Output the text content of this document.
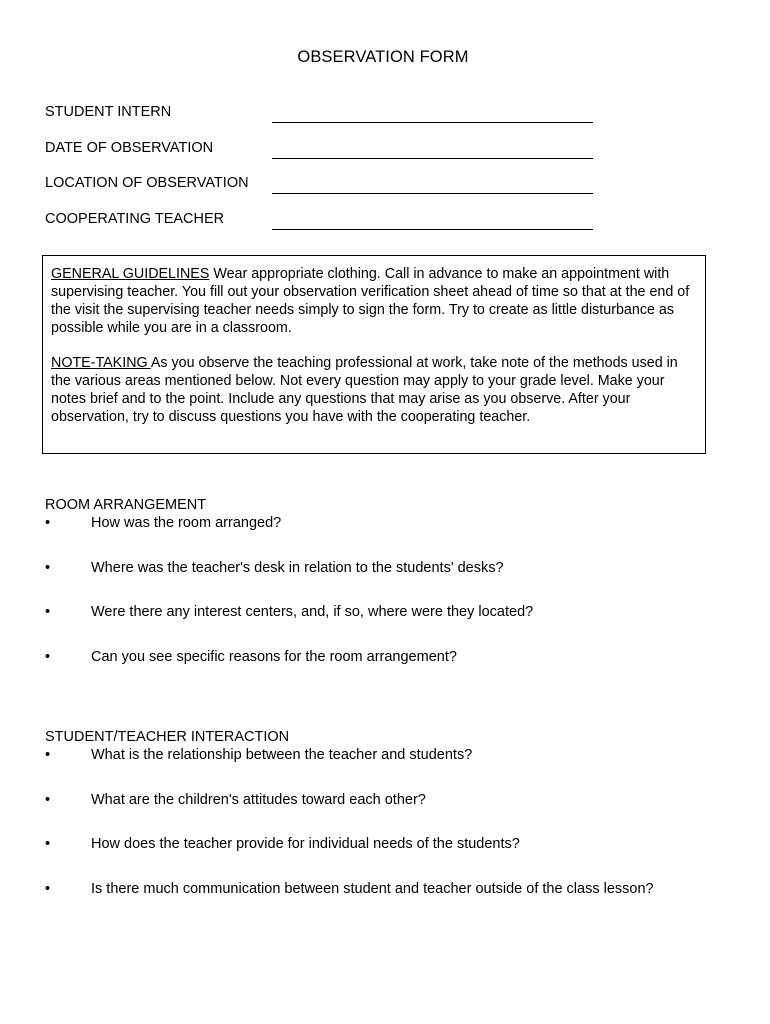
OBSERVATION FORM
STUDENT INTERN
DATE OF OBSERVATION
LOCATION OF OBSERVATION
COOPERATING TEACHER
GENERAL GUIDELINES Wear appropriate clothing. Call in advance to make an appointment with supervising teacher. You fill out your observation verification sheet ahead of time so that at the end of the visit the supervising teacher needs simply to sign the form. Try to create as little disturbance as possible while you are in a classroom.
NOTE-TAKING As you observe the teaching professional at work, take note of the methods used in the various areas mentioned below. Not every question may apply to your grade level. Make your notes brief and to the point. Include any questions that may arise as you observe. After your observation, try to discuss questions you have with the cooperating teacher.
ROOM ARRANGEMENT
•	How was the room arranged?
•	Where was the teacher's desk in relation to the students' desks?
•	Were there any interest centers, and, if so, where were they located?
•	Can you see specific reasons for the room arrangement?
STUDENT/TEACHER INTERACTION
•	What is the relationship between the teacher and students?
•	What are the children's attitudes toward each other?
•	How does the teacher provide for individual needs of the students?
•	Is there much communication between student and teacher outside of the class lesson?
